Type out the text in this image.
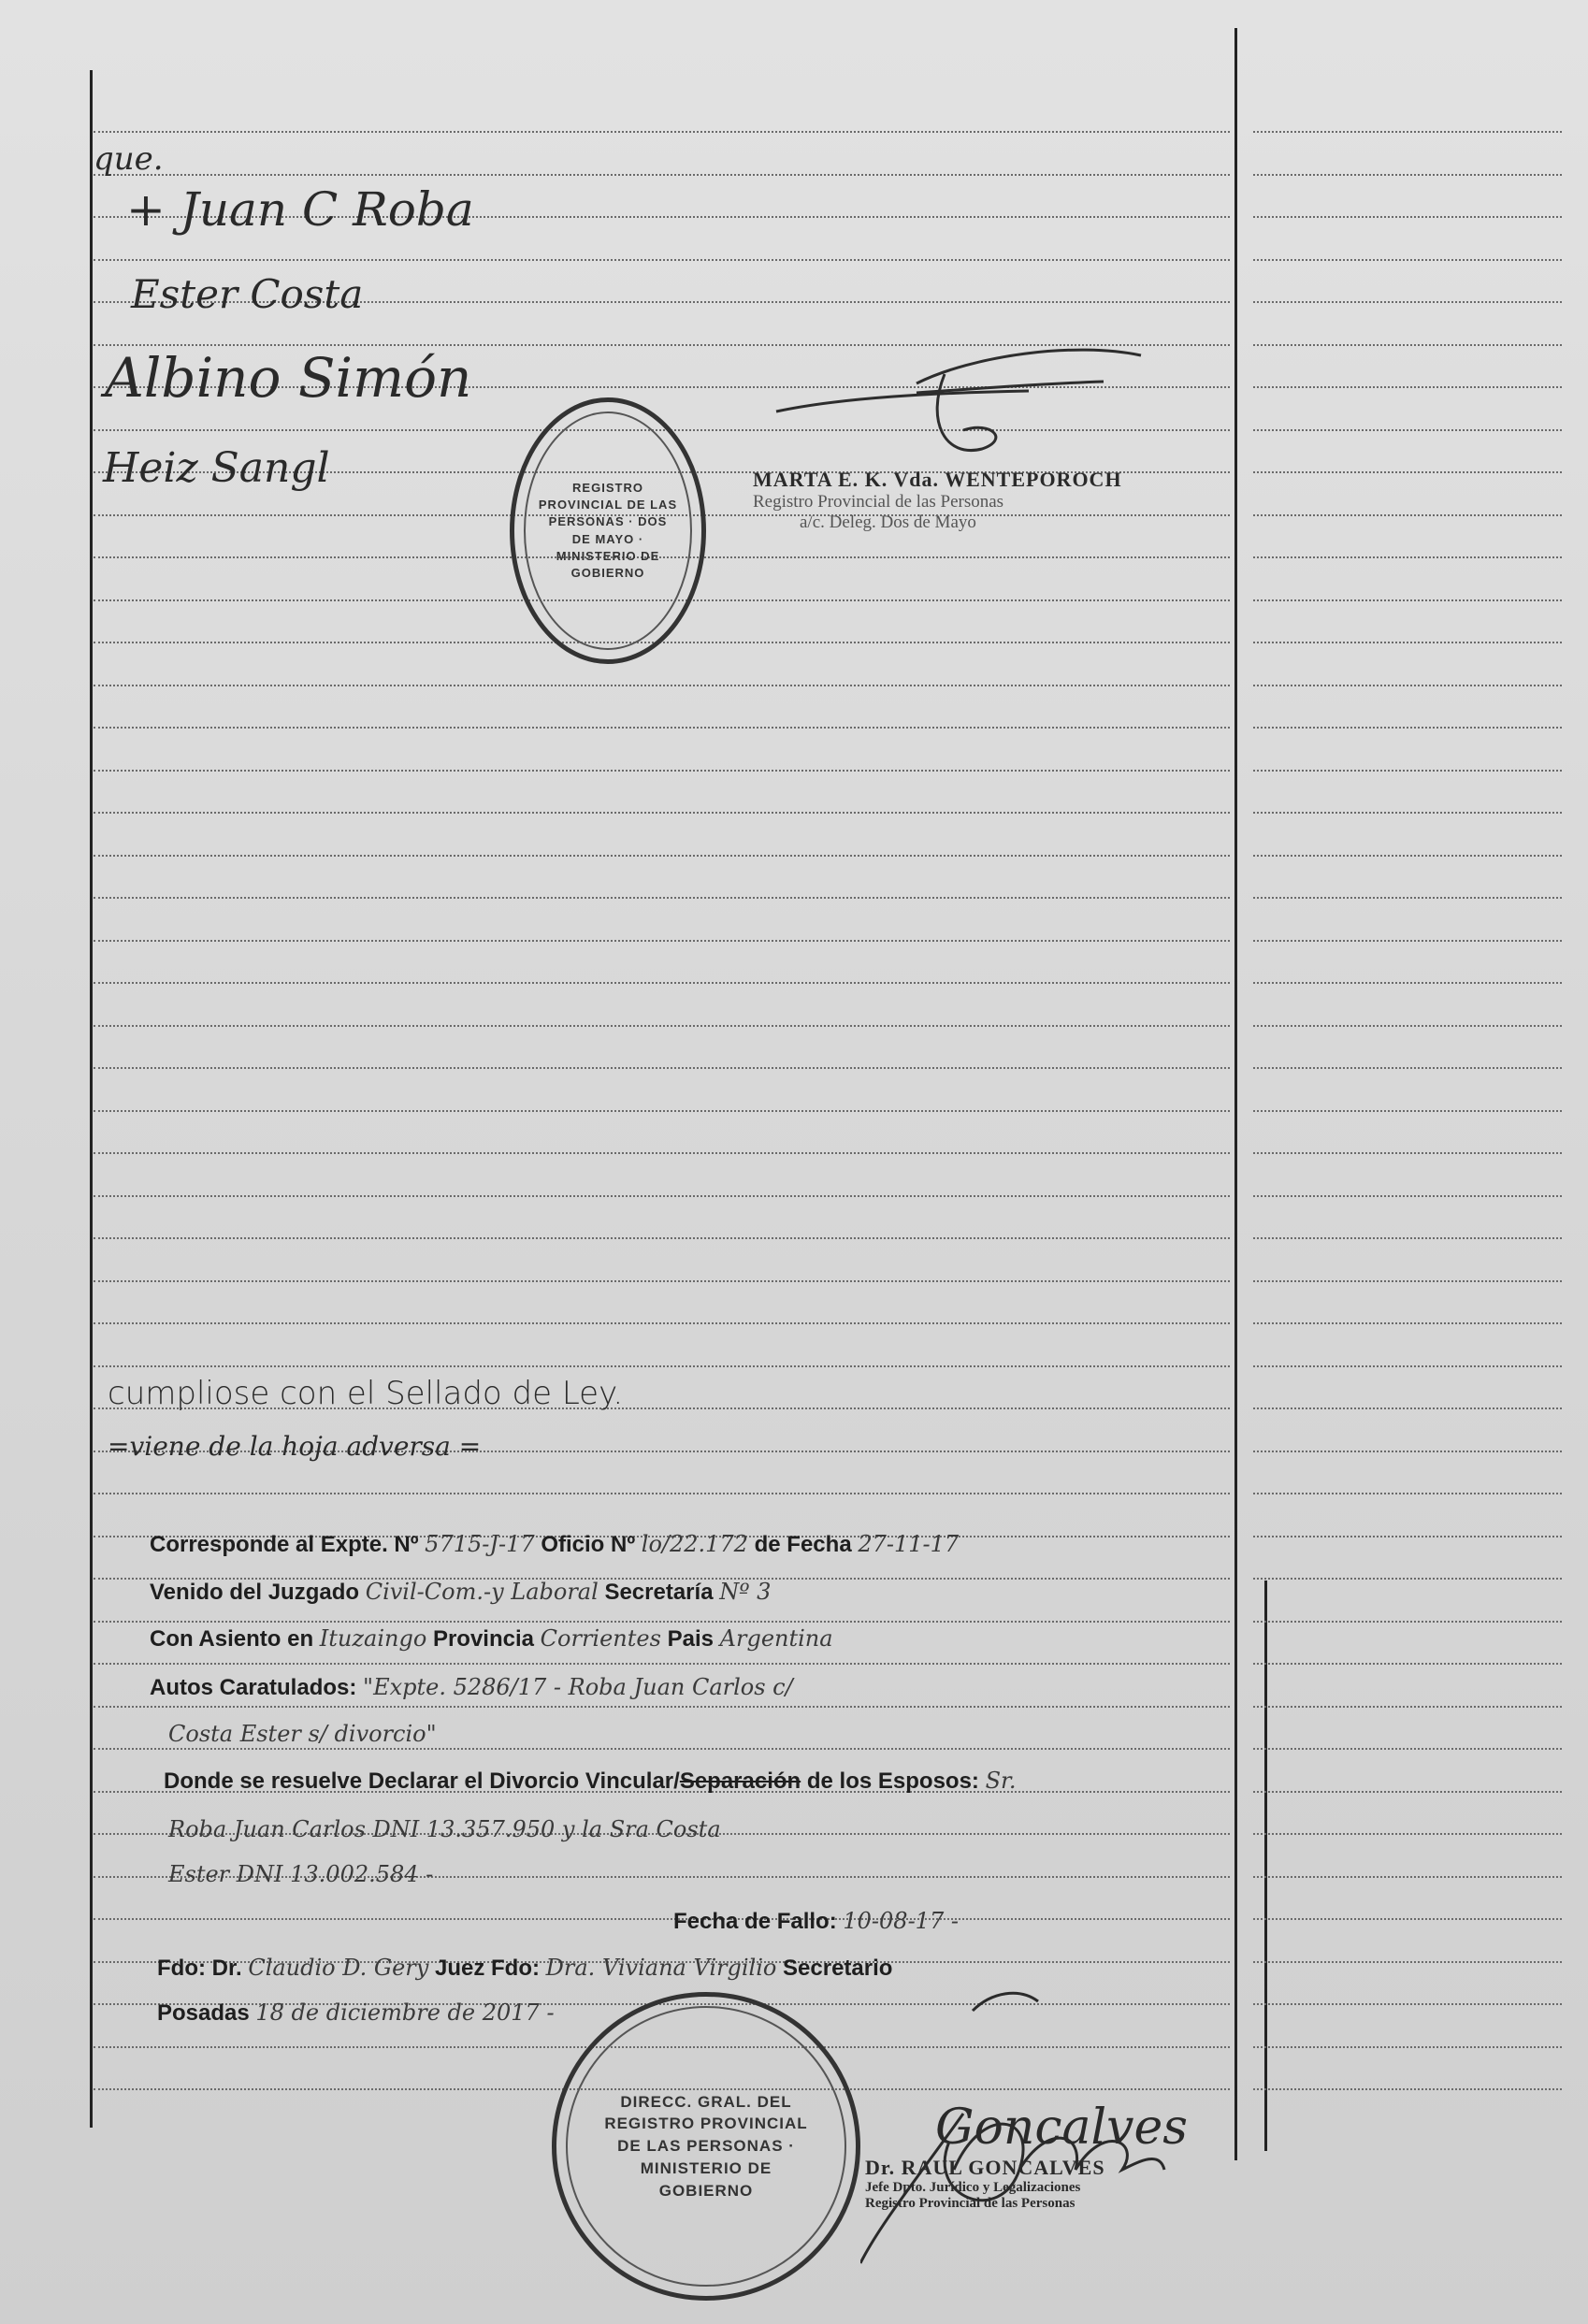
que.
+ Juan C Roba
Ester Costa
Albino Simón
Heiz Sangl	REGISTRO PROVINCIAL DE LAS PERSONAS · DOS DE MAYO · MINISTERIO DE GOBIERNO
MARTA E. K. Vda. WENTEPOROCH
Registro Provincial de las Personas
a/c. Deleg. Dos de Mayo
cumpliose con el Sellado de Ley.
=viene de la hoja adversa =
Corresponde al Expte. Nº 5715-J-17 Oficio Nº lo/22.172 de Fecha 27-11-17
Venido del Juzgado Civil-Com.-y Laboral Secretaría Nº 3
Con Asiento en Ituzaingo Provincia Corrientes Pais Argentina
Autos Caratulados: "Expte. 5286/17 - Roba Juan Carlos c/
Costa Ester s/ divorcio"
Donde se resuelve Declarar el Divorcio Vincular/Separación de los Esposos: Sr.
Roba Juan Carlos DNI 13.357.950 y la Sra Costa
Ester DNI 13.002.584 -
Fecha de Fallo: 10-08-17 -
Fdo: Dr. Claudio D. Gery Juez Fdo: Dra. Viviana Virgilio Secretario
Posadas 18 de diciembre de 2017 -
DIRECC. GRAL. DEL REGISTRO PROVINCIAL DE LAS PERSONAS · MINISTERIO DE GOBIERNO
Goncalves
Dr. RAUL GONCALVES
Jefe Dpto. Jurídico y Legalizaciones
Registro Provincial de las Personas
